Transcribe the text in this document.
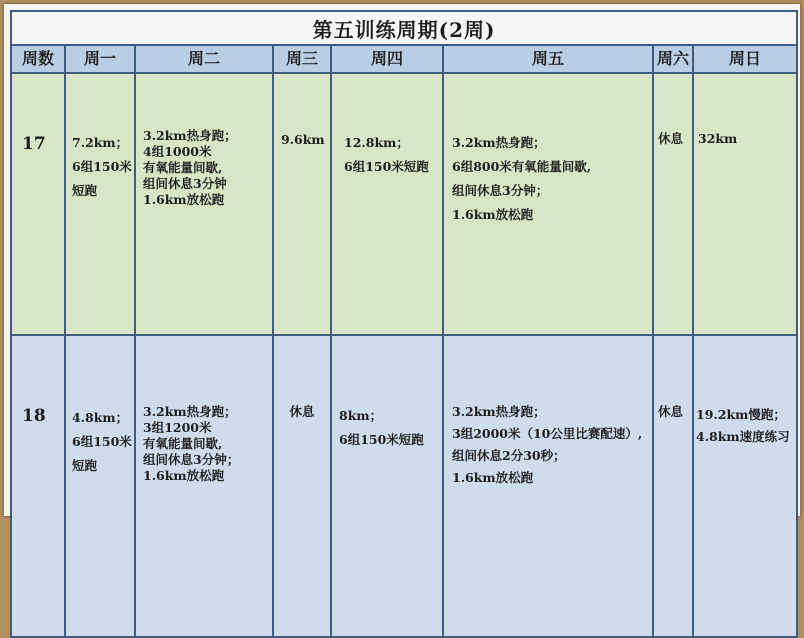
第五训练周期(2周)							
周数	周一	周二	周三	周四	周五	周六	周日
17	7.2km；
6组150米
短跑	3.2km热身跑；
4组1000米
有氧能量间歇,
组间休息3分钟
1.6km放松跑	9.6km	12.8km；
6组150米短跑	3.2km热身跑；
6组800米有氧能量间歇,
组间休息3分钟；
1.6km放松跑	休息	32km

18	4.8km；
6组150米
短跑	3.2km热身跑；
3组1200米
有氧能量间歇,
组间休息3分钟；
1.6km放松跑	休息	8km；
6组150米短跑	3.2km热身跑；
3组2000米（10公里比赛配速）,
组间休息2分30秒；
1.6km放松跑	休息	19.2km慢跑；
4.8km速度练习
